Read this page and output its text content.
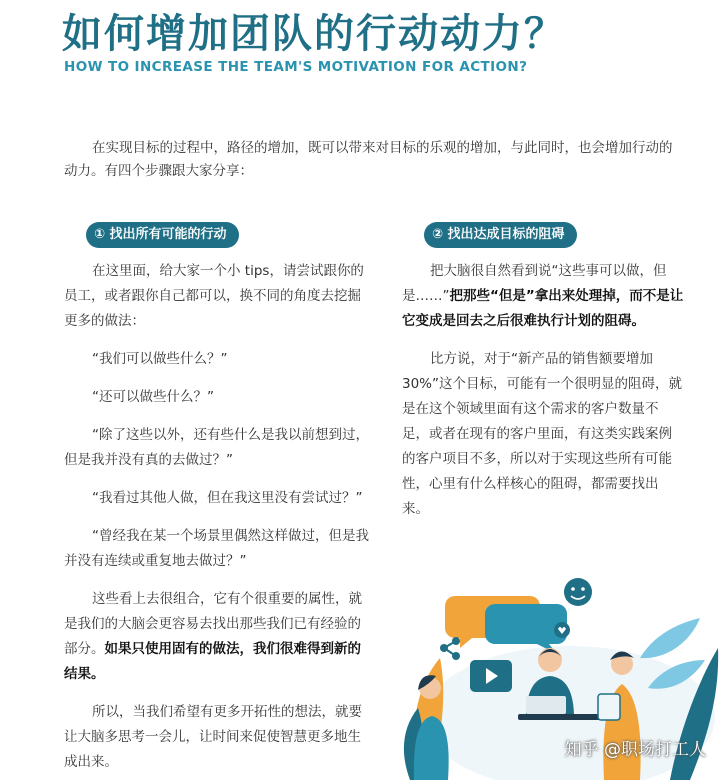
如何增加团队的行动动力？
HOW TO INCREASE THE TEAM'S MOTIVATION FOR ACTION?

在实现目标的过程中，路径的增加，既可以带来对目标的乐观的增加，与此同时，也会增加行动的动力。有四个步骤跟大家分享：

① 找出所有可能的行动	② 找出达成目标的阻碍

在这里面，给大家一个小 tips，请尝试跟你的员工，或者跟你自己都可以，换不同的角度去挖掘更多的做法：

“我们可以做些什么？”

“还可以做些什么？”

“除了这些以外，还有些什么是我以前想到过，但是我并没有真的去做过？”

“我看过其他人做，但在我这里没有尝试过？”

“曾经我在某一个场景里偶然这样做过，但是我并没有连续或重复地去做过？”

这些看上去很组合，它有个很重要的属性，就是我们的大脑会更容易去找出那些我们已有经验的部分。如果只使用固有的做法，我们很难得到新的结果。

所以，当我们希望有更多开拓性的想法，就要让大脑多思考一会儿，让时间来促使智慧更多地生成出来。

把大脑很自然看到说“这些事可以做，但是……”把那些“但是”拿出来处理掉，而不是让它变成是回去之后很难执行计划的阻碍。

比方说，对于“新产品的销售额要增加30%”这个目标，可能有一个很明显的阻碍，就是在这个领域里面有这个需求的客户数量不足，或者在现有的客户里面，有这类实践案例的客户项目不多，所以对于实现这些所有可能性，心里有什么样核心的阻碍，都需要找出来。

知乎 @职场打工人
